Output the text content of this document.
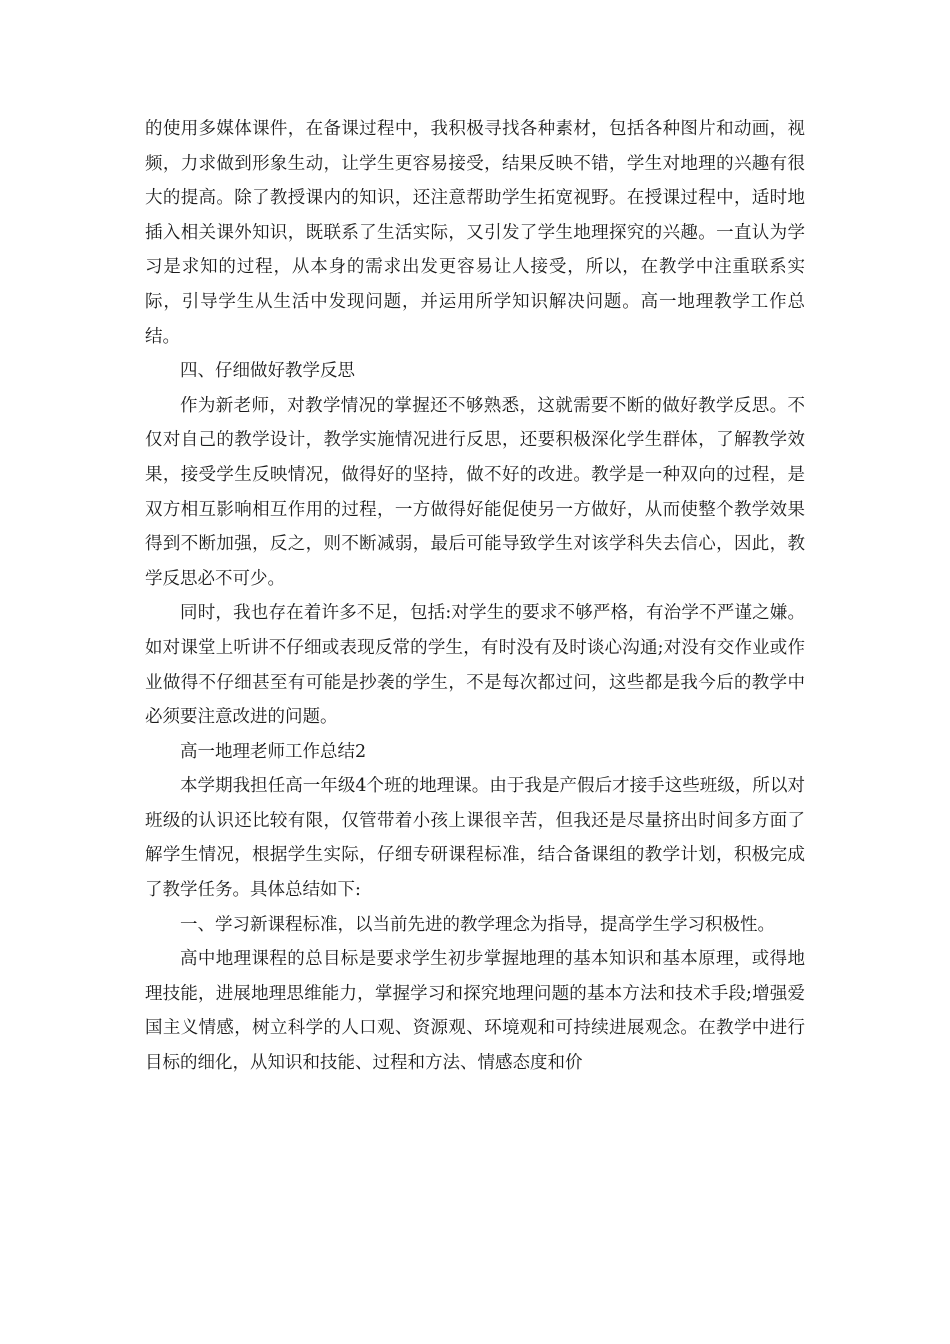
的使用多媒体课件，在备课过程中，我积极寻找各种素材，包括各种图片和动画，视频，力求做到形象生动，让学生更容易接受，结果反映不错，学生对地理的兴趣有很大的提高。除了教授课内的知识，还注意帮助学生拓宽视野。在授课过程中，适时地插入相关课外知识，既联系了生活实际，又引发了学生地理探究的兴趣。一直认为学习是求知的过程，从本身的需求出发更容易让人接受，所以，在教学中注重联系实际，引导学生从生活中发现问题，并运用所学知识解决问题。高一地理教学工作总结。

四、仔细做好教学反思

作为新老师，对教学情况的掌握还不够熟悉，这就需要不断的做好教学反思。不仅对自己的教学设计，教学实施情况进行反思，还要积极深化学生群体，了解教学效果，接受学生反映情况，做得好的坚持，做不好的改进。教学是一种双向的过程，是双方相互影响相互作用的过程，一方做得好能促使另一方做好，从而使整个教学效果得到不断加强，反之，则不断减弱，最后可能导致学生对该学科失去信心，因此，教学反思必不可少。

同时，我也存在着许多不足，包括:对学生的要求不够严格，有治学不严谨之嫌。如对课堂上听讲不仔细或表现反常的学生，有时没有及时谈心沟通;对没有交作业或作业做得不仔细甚至有可能是抄袭的学生，不是每次都过问，这些都是我今后的教学中必须要注意改进的问题。

高一地理老师工作总结2

本学期我担任高一年级4个班的地理课。由于我是产假后才接手这些班级，所以对班级的认识还比较有限，仅管带着小孩上课很辛苦，但我还是尽量挤出时间多方面了解学生情况，根据学生实际，仔细专研课程标准，结合备课组的教学计划，积极完成了教学任务。具体总结如下:

一、学习新课程标准，以当前先进的教学理念为指导，提高学生学习积极性。

高中地理课程的总目标是要求学生初步掌握地理的基本知识和基本原理，或得地理技能，进展地理思维能力，掌握学习和探究地理问题的基本方法和技术手段;增强爱国主义情感，树立科学的人口观、资源观、环境观和可持续进展观念。在教学中进行目标的细化，从知识和技能、过程和方法、情感态度和价
